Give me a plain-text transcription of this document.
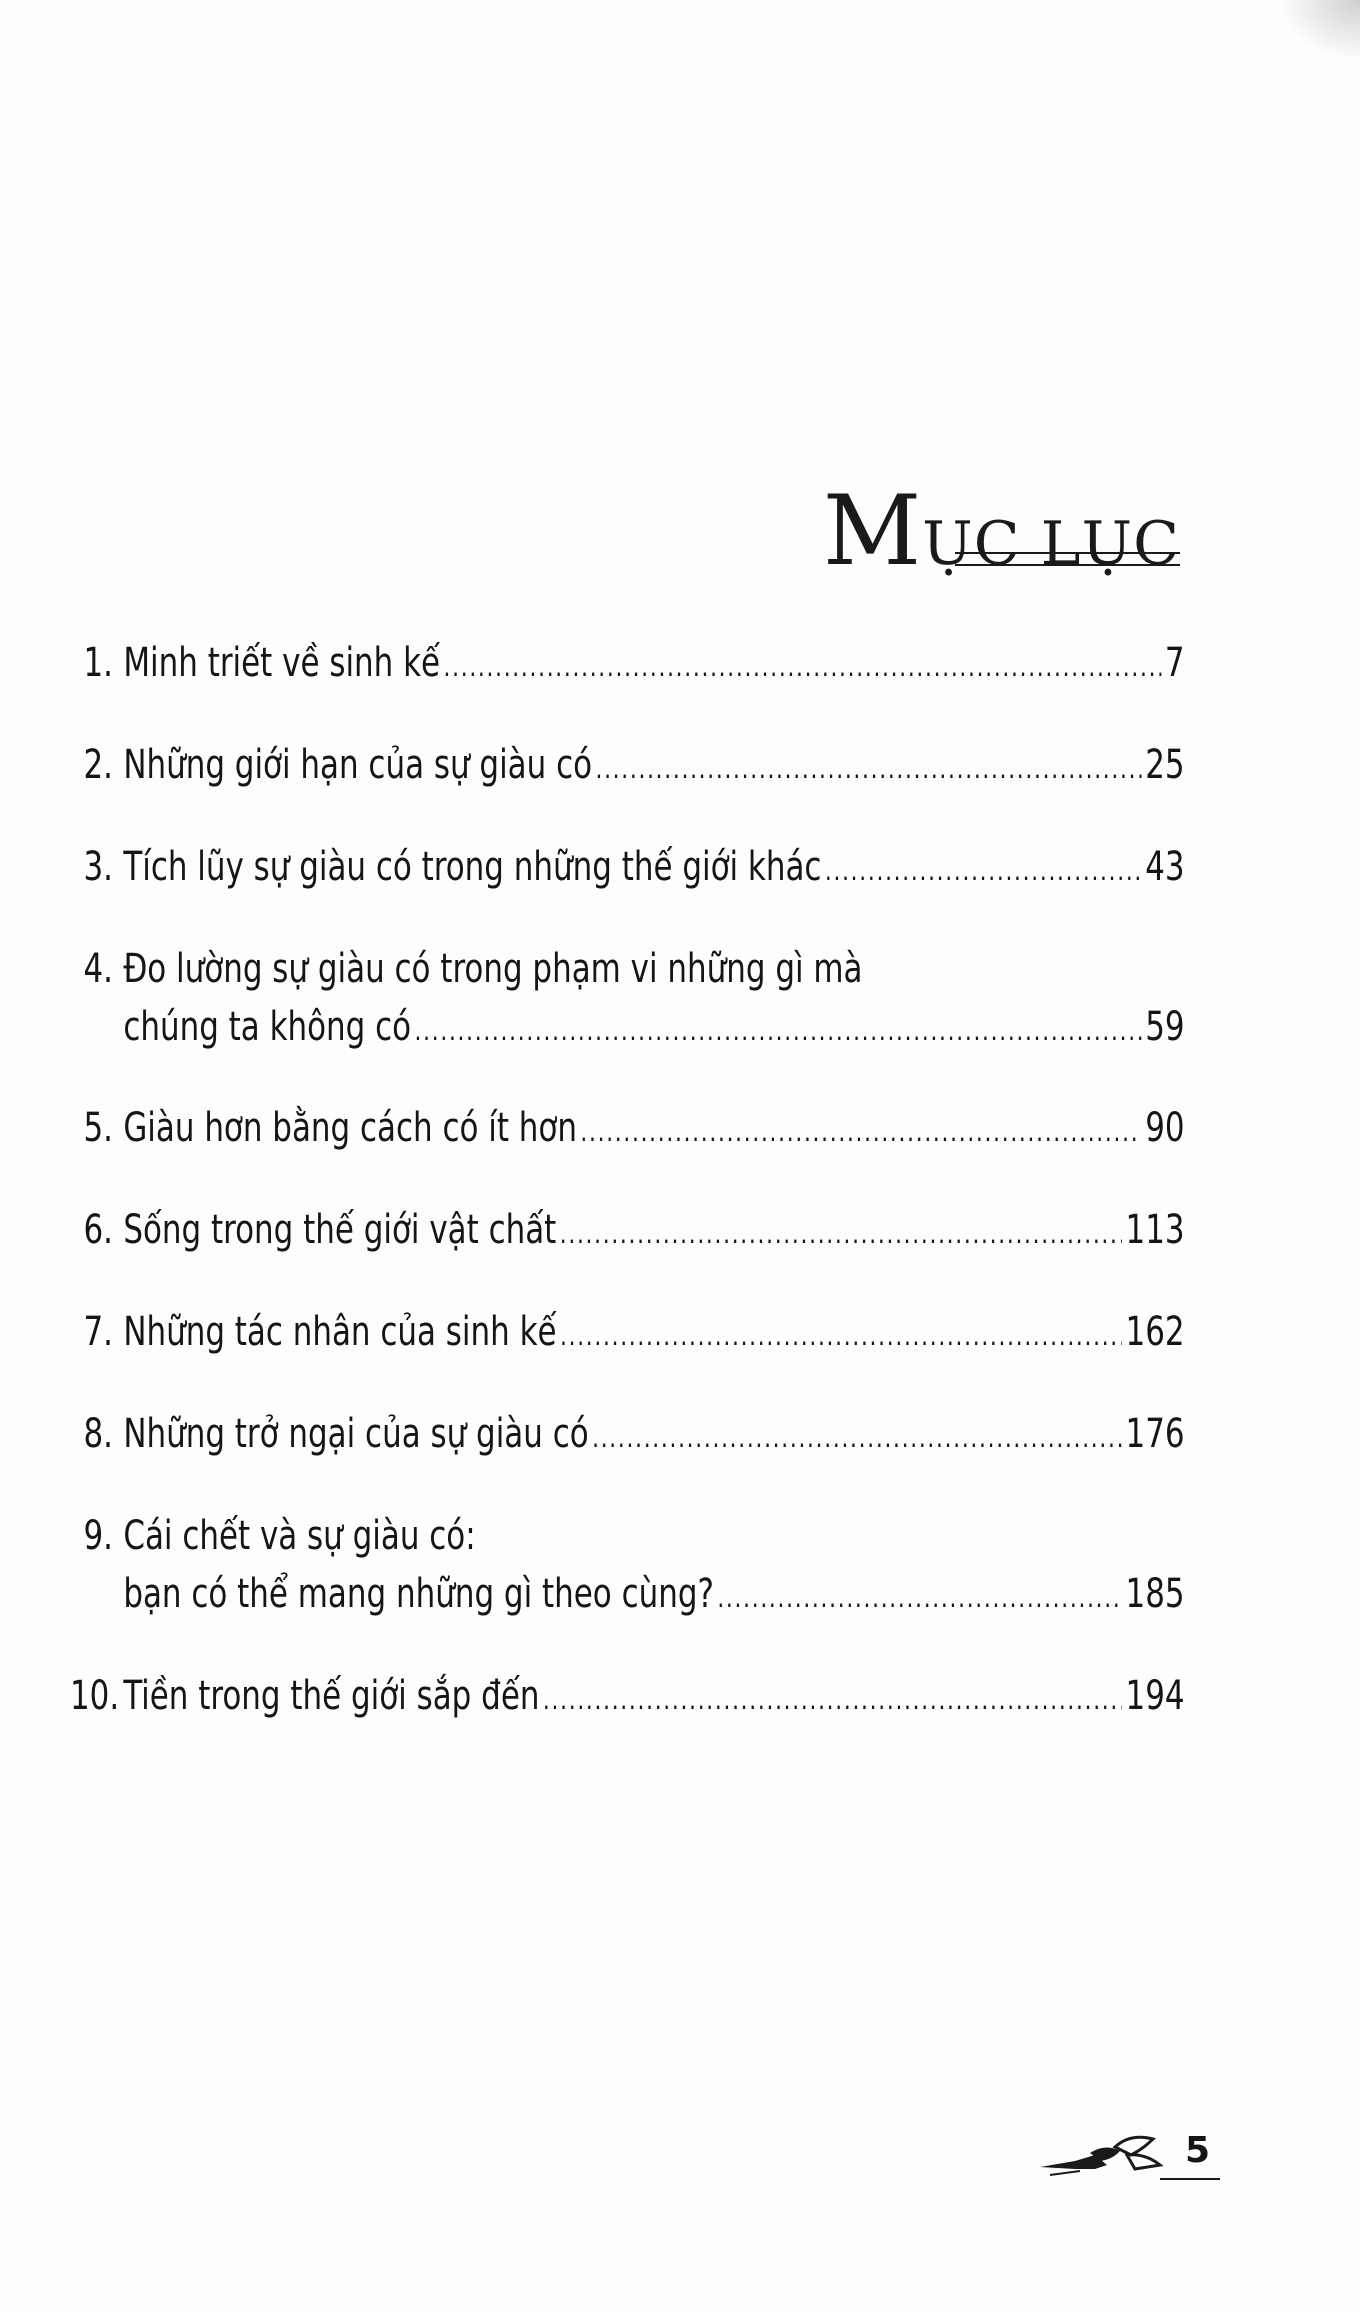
MỤC LỤC
1. Minh triết về sinh kế .....	7
2. Những giới hạn của sự giàu có .....	25
3. Tích lũy sự giàu có trong những thế giới khác .....	43
4. Đo lường sự giàu có trong phạm vi những gì mà
chúng ta không có .....	59
5. Giàu hơn bằng cách có ít hơn .....	90
6. Sống trong thế giới vật chất .....	113
7. Những tác nhân của sinh kế .....	162
8. Những trở ngại của sự giàu có .....	176
9. Cái chết và sự giàu có:
bạn có thể mang những gì theo cùng? .....	185
10. Tiền trong thế giới sắp đến .....	194
5
